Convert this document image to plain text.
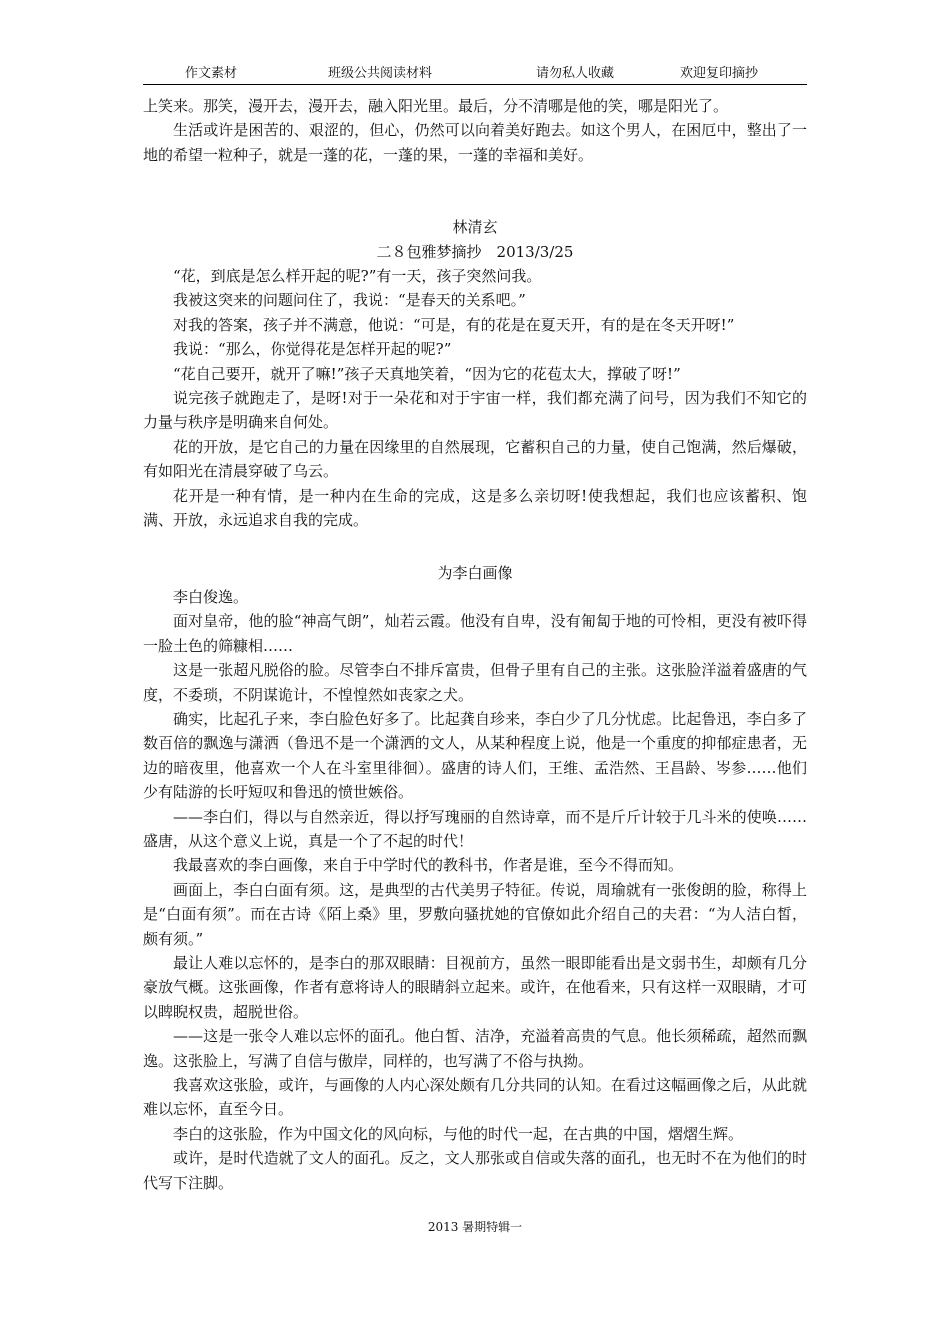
作文素材	班级公共阅读材料	请勿私人收藏	欢迎复印摘抄

上笑来。那笑，漫开去，漫开去，融入阳光里。最后，分不清哪是他的笑，哪是阳光了。

生活或许是困苦的、艰涩的，但心，仍然可以向着美好跑去。如这个男人，在困厄中，整出了一地的希望一粒种子，就是一蓬的花，一蓬的果，一蓬的幸福和美好。

林清玄

二８包雅梦摘抄　2013/3/25

“花，到底是怎么样开起的呢?”有一天，孩子突然问我。

我被这突来的问题问住了，我说：“是春天的关系吧。”

对我的答案，孩子并不满意，他说：“可是，有的花是在夏天开，有的是在冬天开呀!”

我说：“那么，你觉得花是怎样开起的呢?”

“花自己要开，就开了嘛!”孩子天真地笑着，“因为它的花苞太大，撑破了呀!”

说完孩子就跑走了，是呀!对于一朵花和对于宇宙一样，我们都充满了问号，因为我们不知它的力量与秩序是明确来自何处。

花的开放，是它自己的力量在因缘里的自然展现，它蓄积自己的力量，使自己饱满，然后爆破，有如阳光在清晨穿破了乌云。

花开是一种有情，是一种内在生命的完成，这是多么亲切呀!使我想起，我们也应该蓄积、饱满、开放，永远追求自我的完成。

为李白画像

李白俊逸。

面对皇帝，他的脸“神高气朗”，灿若云霞。他没有自卑，没有匍匐于地的可怜相，更没有被吓得一脸土色的筛糠相……

这是一张超凡脱俗的脸。尽管李白不排斥富贵，但骨子里有自己的主张。这张脸洋溢着盛唐的气度，不委琐，不阴谋诡计，不惶惶然如丧家之犬。

确实，比起孔子来，李白脸色好多了。比起龚自珍来，李白少了几分忧虑。比起鲁迅，李白多了数百倍的飘逸与潇洒（鲁迅不是一个潇洒的文人，从某种程度上说，他是一个重度的抑郁症患者，无边的暗夜里，他喜欢一个人在斗室里徘徊）。盛唐的诗人们，王维、孟浩然、王昌龄、岑参……他们少有陆游的长吁短叹和鲁迅的愤世嫉俗。

——李白们，得以与自然亲近，得以抒写瑰丽的自然诗章，而不是斤斤计较于几斗米的使唤……盛唐，从这个意义上说，真是一个了不起的时代！

我最喜欢的李白画像，来自于中学时代的教科书，作者是谁，至今不得而知。

画面上，李白白面有须。这，是典型的古代美男子特征。传说，周瑜就有一张俊朗的脸，称得上是“白面有须”。而在古诗《陌上桑》里，罗敷向骚扰她的官僚如此介绍自己的夫君：“为人洁白皙，颇有须。”

最让人难以忘怀的，是李白的那双眼睛：目视前方，虽然一眼即能看出是文弱书生，却颇有几分豪放气概。这张画像，作者有意将诗人的眼睛斜立起来。或许，在他看来，只有这样一双眼睛，才可以睥睨权贵，超脱世俗。

——这是一张令人难以忘怀的面孔。他白皙、洁净，充溢着高贵的气息。他长须稀疏，超然而飘逸。这张脸上，写满了自信与傲岸，同样的，也写满了不俗与执拗。

我喜欢这张脸，或许，与画像的人内心深处颇有几分共同的认知。在看过这幅画像之后，从此就难以忘怀，直至今日。

李白的这张脸，作为中国文化的风向标，与他的时代一起，在古典的中国，熠熠生辉。

或许，是时代造就了文人的面孔。反之，文人那张或自信或失落的面孔，也无时不在为他们的时代写下注脚。

2013 暑期特辑一
